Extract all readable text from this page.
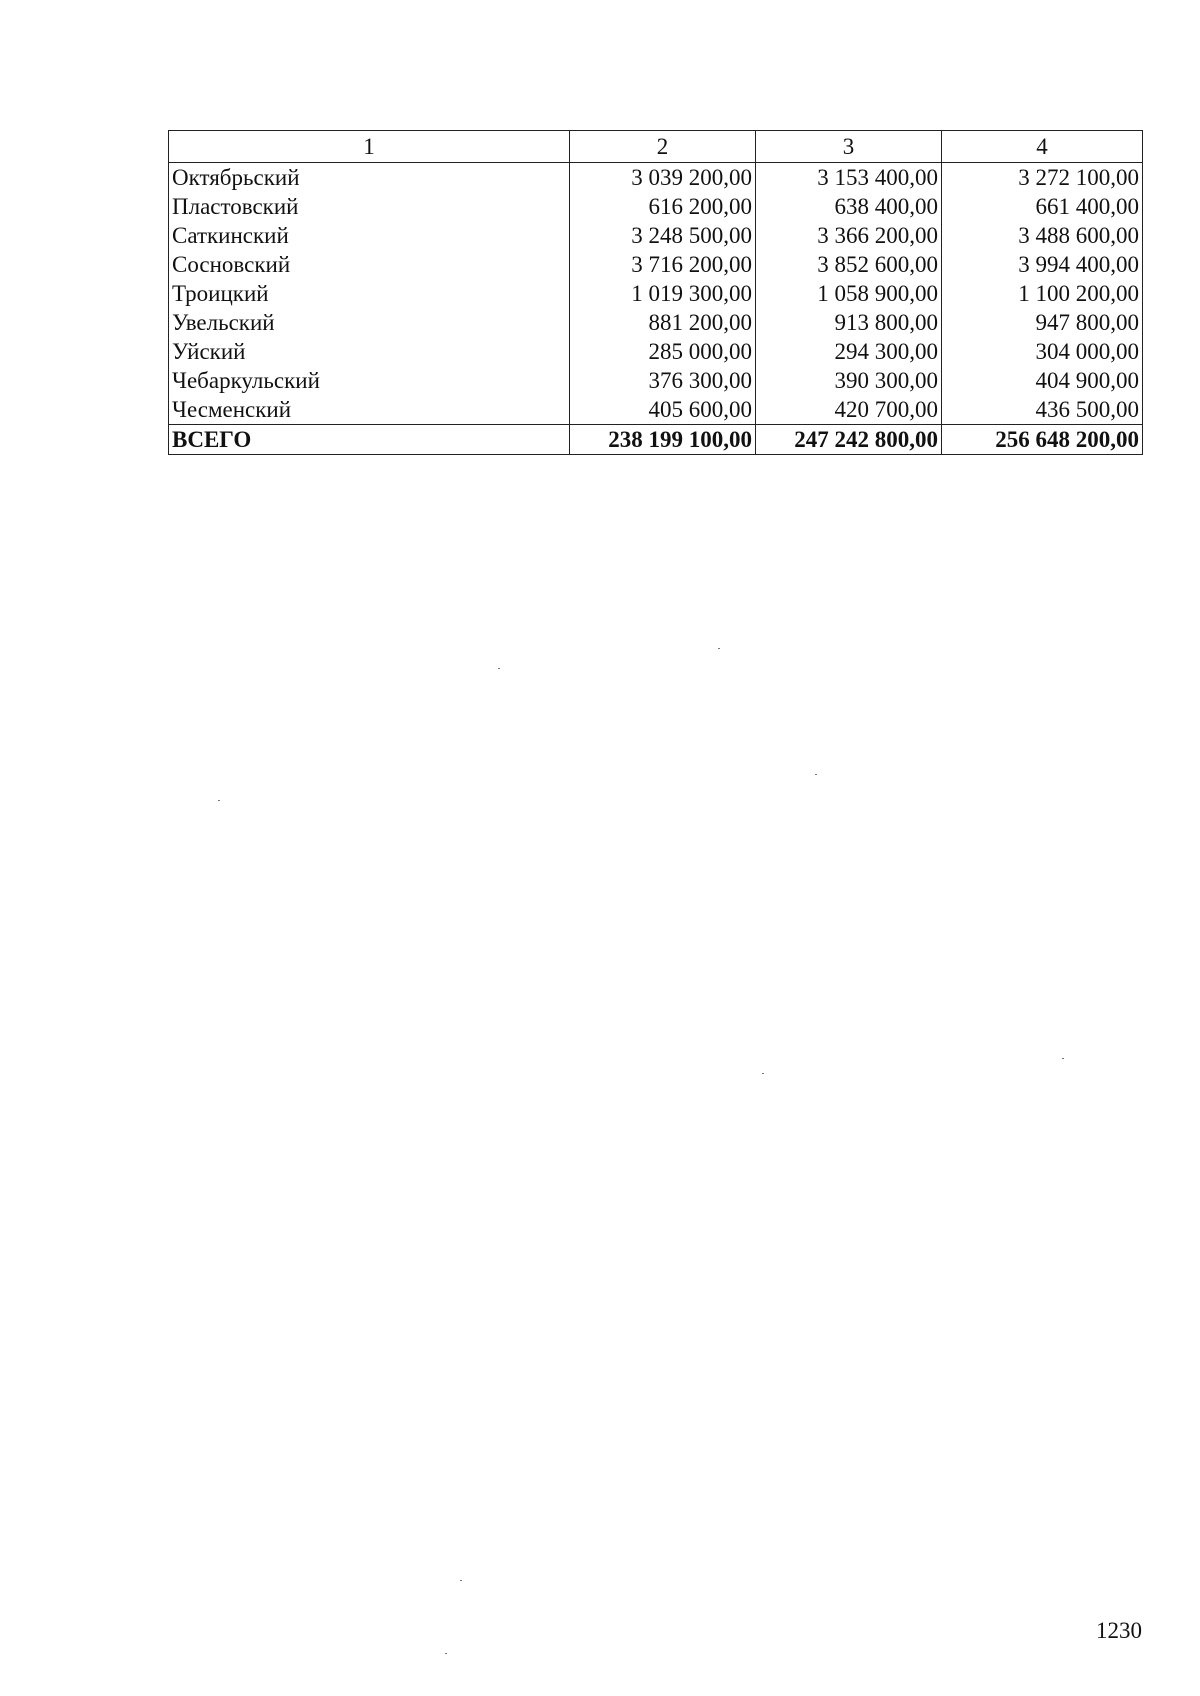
1	2	3	4
Октябрьский	3 039 200,00	3 153 400,00	3 272 100,00
Пластовский	616 200,00	638 400,00	661 400,00
Саткинский	3 248 500,00	3 366 200,00	3 488 600,00
Сосновский	3 716 200,00	3 852 600,00	3 994 400,00
Троицкий	1 019 300,00	1 058 900,00	1 100 200,00
Увельский	881 200,00	913 800,00	947 800,00
Уйский	285 000,00	294 300,00	304 000,00
Чебаркульский	376 300,00	390 300,00	404 900,00
Чесменский	405 600,00	420 700,00	436 500,00
ВСЕГО	238 199 100,00	247 242 800,00	256 648 200,00
1230
